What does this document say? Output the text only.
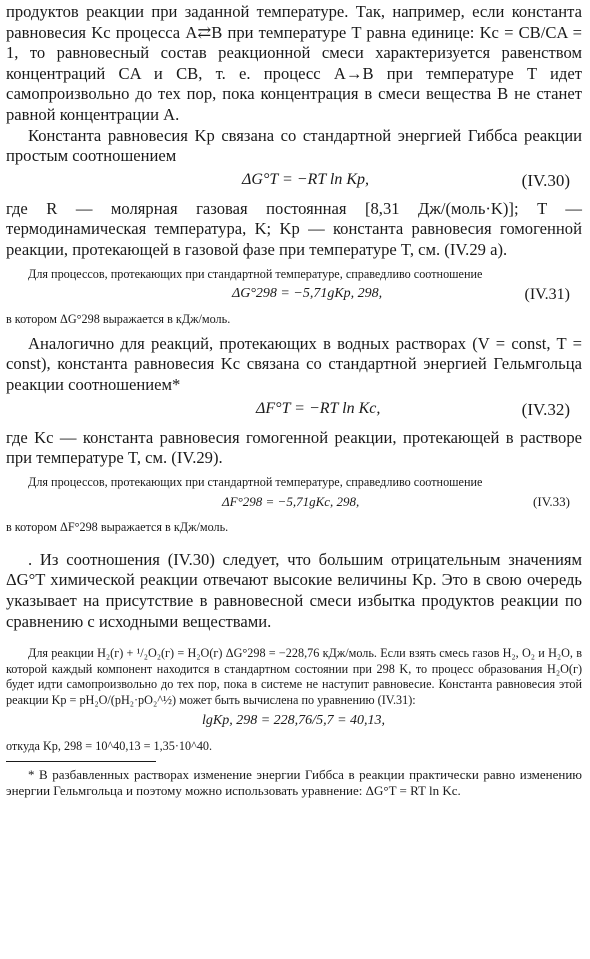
продуктов реакции при заданной температуре. Так, например, если константа равновесия Kc процесса A⇄B при температуре T равна единице: Kc = CB/CA = 1, то равновесный состав реакционной смеси характеризуется равенством концентраций CA и CB, т. е. процесс A→B при температуре T идет самопроизвольно до тех пор, пока концентрация в смеси вещества B не станет равной концентрации A.

Константа равновесия Kp связана со стандартной энергией Гиббса реакции простым соотношением

ΔG°T = −RT ln Kp,	(IV.30)

где R — молярная газовая постоянная [8,31 Дж/(моль·K)]; T — термодинамическая температура, K; Kp — константа равновесия гомогенной реакции, протекающей в газовой фазе при температуре T, см. (IV.29 а).

Для процессов, протекающих при стандартной температуре, справедливо соотношение

ΔG°298 = −5,71gKp, 298,	(IV.31)

в котором ΔG°298 выражается в кДж/моль.

Аналогично для реакций, протекающих в водных растворах (V = const, T = const), константа равновесия Kc связана со стандартной энергией Гельмгольца реакции соотношением*

ΔF°T = −RT ln Kc,	(IV.32)

где Kc — константа равновесия гомогенной реакции, протекающей в растворе при температуре T, см. (IV.29).

Для процессов, протекающих при стандартной температуре, справедливо соотношение

ΔF°298 = −5,71gKc, 298,	(IV.33)

в котором ΔF°298 выражается в кДж/моль.

. Из соотношения (IV.30) следует, что большим отрицательным значениям ΔG°T химической реакции отвечают высокие величины Kp. Это в свою очередь указывает на присутствие в равновесной смеси избытка продуктов реакции по сравнению с исходными веществами.

Для реакции H₂(г) + ¹/₂O₂(г) = H₂O(г) ΔG°298 = −228,76 кДж/моль. Если взять смесь газов H₂, O₂ и H₂O, в которой каждый компонент находится в стандартном состоянии при 298 K, то процесс образования H₂O(г) будет идти самопроизвольно до тех пор, пока в системе не наступит равновесие. Константа равновесия этой реакции Kp = pH₂O/(pH₂·pO₂^½) может быть вычислена по уравнению (IV.31):

lgKp, 298 = 228,76/5,7 = 40,13,

откуда Kp, 298 = 10^40,13 = 1,35·10^40.

* В разбавленных растворах изменение энергии Гиббса в реакции практически равно изменению энергии Гельмгольца и поэтому можно использовать уравнение: ΔG°T = RT ln Kc.
